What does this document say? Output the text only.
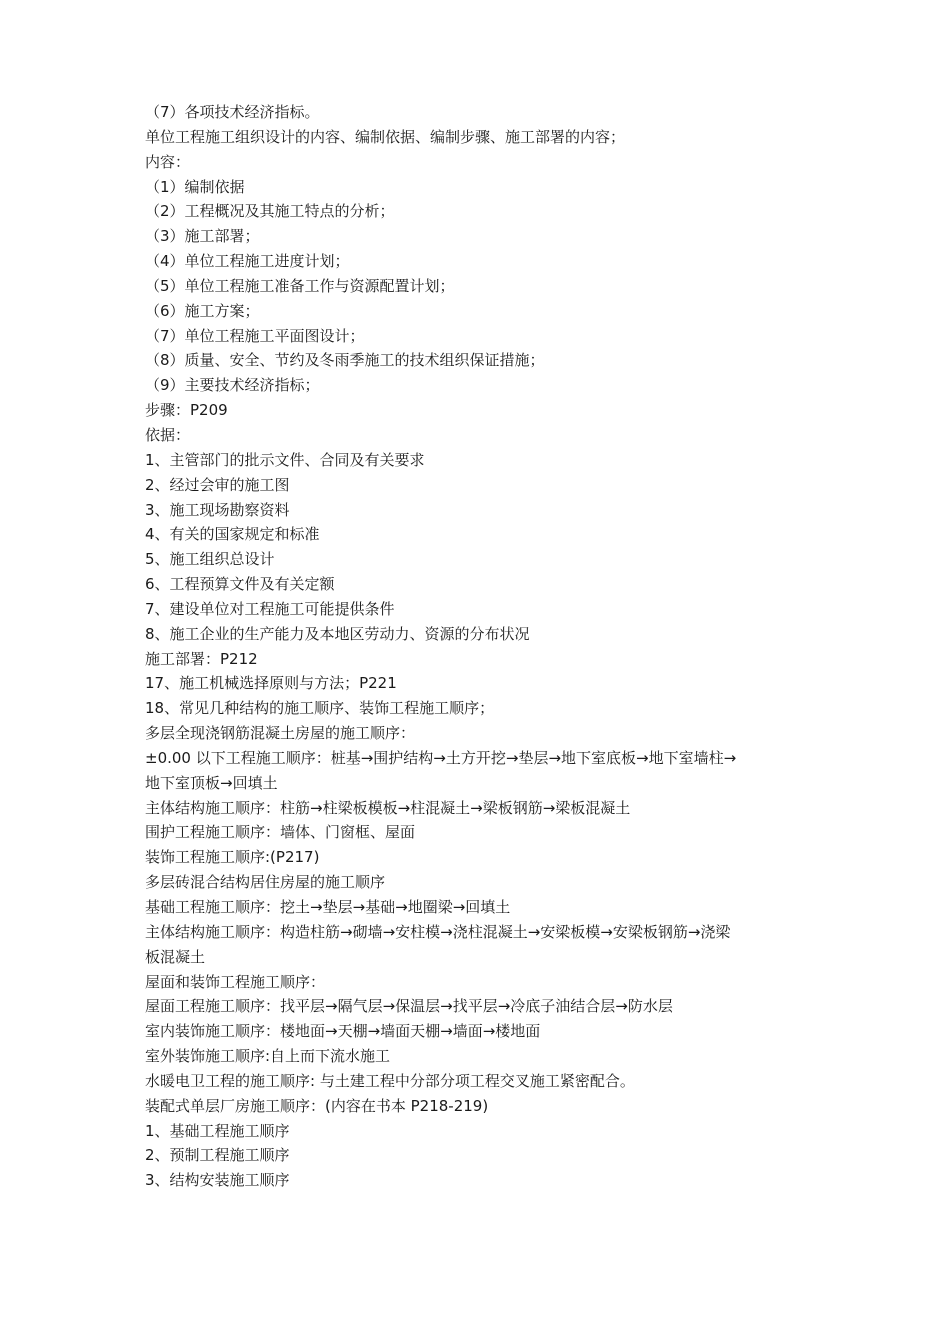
（7）各项技术经济指标。
单位工程施工组织设计的内容、编制依据、编制步骤、施工部署的内容；
内容：
（1）编制依据
（2）工程概况及其施工特点的分析；
（3）施工部署；
（4）单位工程施工进度计划；
（5）单位工程施工准备工作与资源配置计划；
（6）施工方案；
（7）单位工程施工平面图设计；
（8）质量、安全、节约及冬雨季施工的技术组织保证措施；
（9）主要技术经济指标；
步骤：P209
依据：
1、主管部门的批示文件、合同及有关要求
2、经过会审的施工图
3、施工现场勘察资料
4、有关的国家规定和标准
5、施工组织总设计
6、工程预算文件及有关定额
7、建设单位对工程施工可能提供条件
8、施工企业的生产能力及本地区劳动力、资源的分布状况
施工部署：P212
17、施工机械选择原则与方法；P221
18、常见几种结构的施工顺序、装饰工程施工顺序；
多层全现浇钢筋混凝土房屋的施工顺序：
±0.00 以下工程施工顺序：桩基→围护结构→土方开挖→垫层→地下室底板→地下室墙柱→
地下室顶板→回填土
主体结构施工顺序：柱筋→柱梁板模板→柱混凝土→梁板钢筋→梁板混凝土
围护工程施工顺序：墙体、门窗框、屋面
装饰工程施工顺序:(P217)
多层砖混合结构居住房屋的施工顺序
基础工程施工顺序：挖土→垫层→基础→地圈梁→回填土
主体结构施工顺序：构造柱筋→砌墙→安柱模→浇柱混凝土→安梁板模→安梁板钢筋→浇梁
板混凝土
屋面和装饰工程施工顺序：
屋面工程施工顺序：找平层→隔气层→保温层→找平层→冷底子油结合层→防水层
室内装饰施工顺序：楼地面→天棚→墙面天棚→墙面→楼地面
室外装饰施工顺序:自上而下流水施工
水暖电卫工程的施工顺序: 与土建工程中分部分项工程交叉施工紧密配合。
装配式单层厂房施工顺序：(内容在书本 P218-219)
1、基础工程施工顺序
2、预制工程施工顺序
3、结构安装施工顺序
